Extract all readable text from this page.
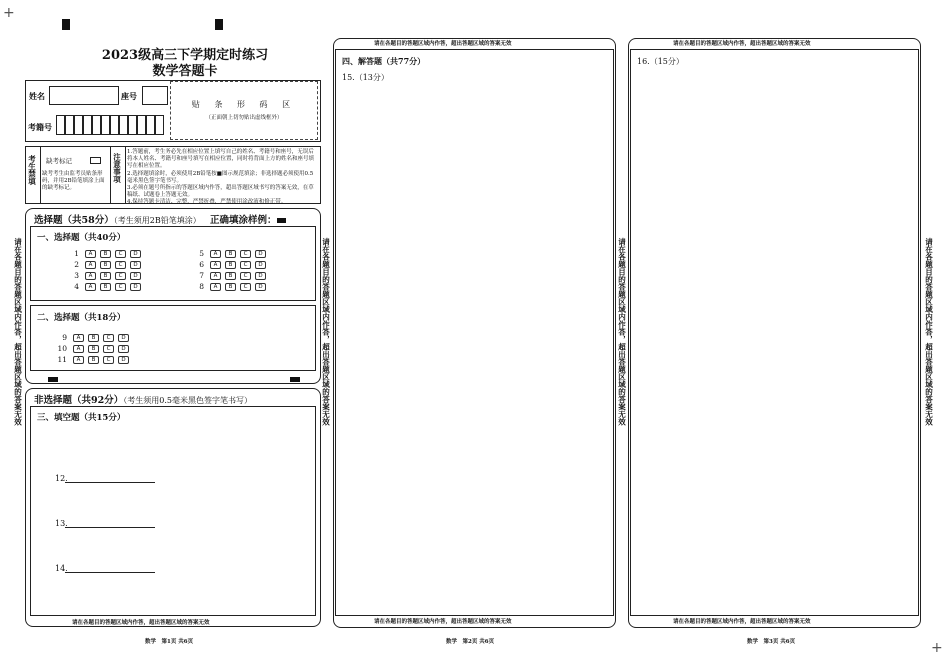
+
+
2023级高三下学期定时练习
数学答题卡
姓名	座号
考籍号
贴 条 形 码 区
（正面朝上切勿贴出虚线框外）
考生禁填 缺考标记
缺考考生由监考员贴条形码，并用2B铅笔填涂上面的缺考标记。
注意事项
1.答题前，考生务必先在相应位置上填写自己的姓名、考籍号和座号，无误后将本人姓名、考籍号和座号填写在相应位置，同时将背面上方的姓名和座号填写在相应位置。
2.选择题填涂时，必须使用2B铅笔按■图示规范填涂；非选择题必须使用0.5毫米黑色签字笔书写。
3.必须在题号所指示的答题区域内作答，超出答题区域书写的答案无效，在草稿纸、试题卷上答题无效。
4.保持答题卡清洁、完整，严禁折叠，严禁使用涂改液和修正带。
选择题（共58分）（考生须用2B铅笔填涂） 正确填涂样例：
一、选择题（共40分）
1	A	B	C	D
2	A	B	C	D
3	A	B	C	D
4	A	B	C	D
5	A	B	C	D
6	A	B	C	D
7	A	B	C	D
8	A	B	C	D
二、选择题（共18分）
9	A	B	C	D
10	A	B	C	D
11	A	B	C	D
非选择题（共92分）（考生须用0.5毫米黑色签字笔书写）
三、填空题（共15分）
12.
13.
14.
请在各题目的答题区域内作答，超出答题区域的答案无效
请在各题目的答题区域内作答，超出答题区域的答案无效	请在各题目的答题区域内作答，超出答题区域的答案无效
数学　第1页 共6页
请在各题目的答题区域内作答，超出答题区域的答案无效
四、解答题（共77分）
15.（13分）
请在各题目的答题区域内作答，超出答题区域的答案无效
请在各题目的答题区域内作答，超出答题区域的答案无效
数学　第2页 共6页
请在各题目的答题区域内作答，超出答题区域的答案无效
16.（15分）
请在各题目的答题区域内作答，超出答题区域的答案无效
请在各题目的答题区域内作答，超出答题区域的答案无效
数学　第3页 共6页
